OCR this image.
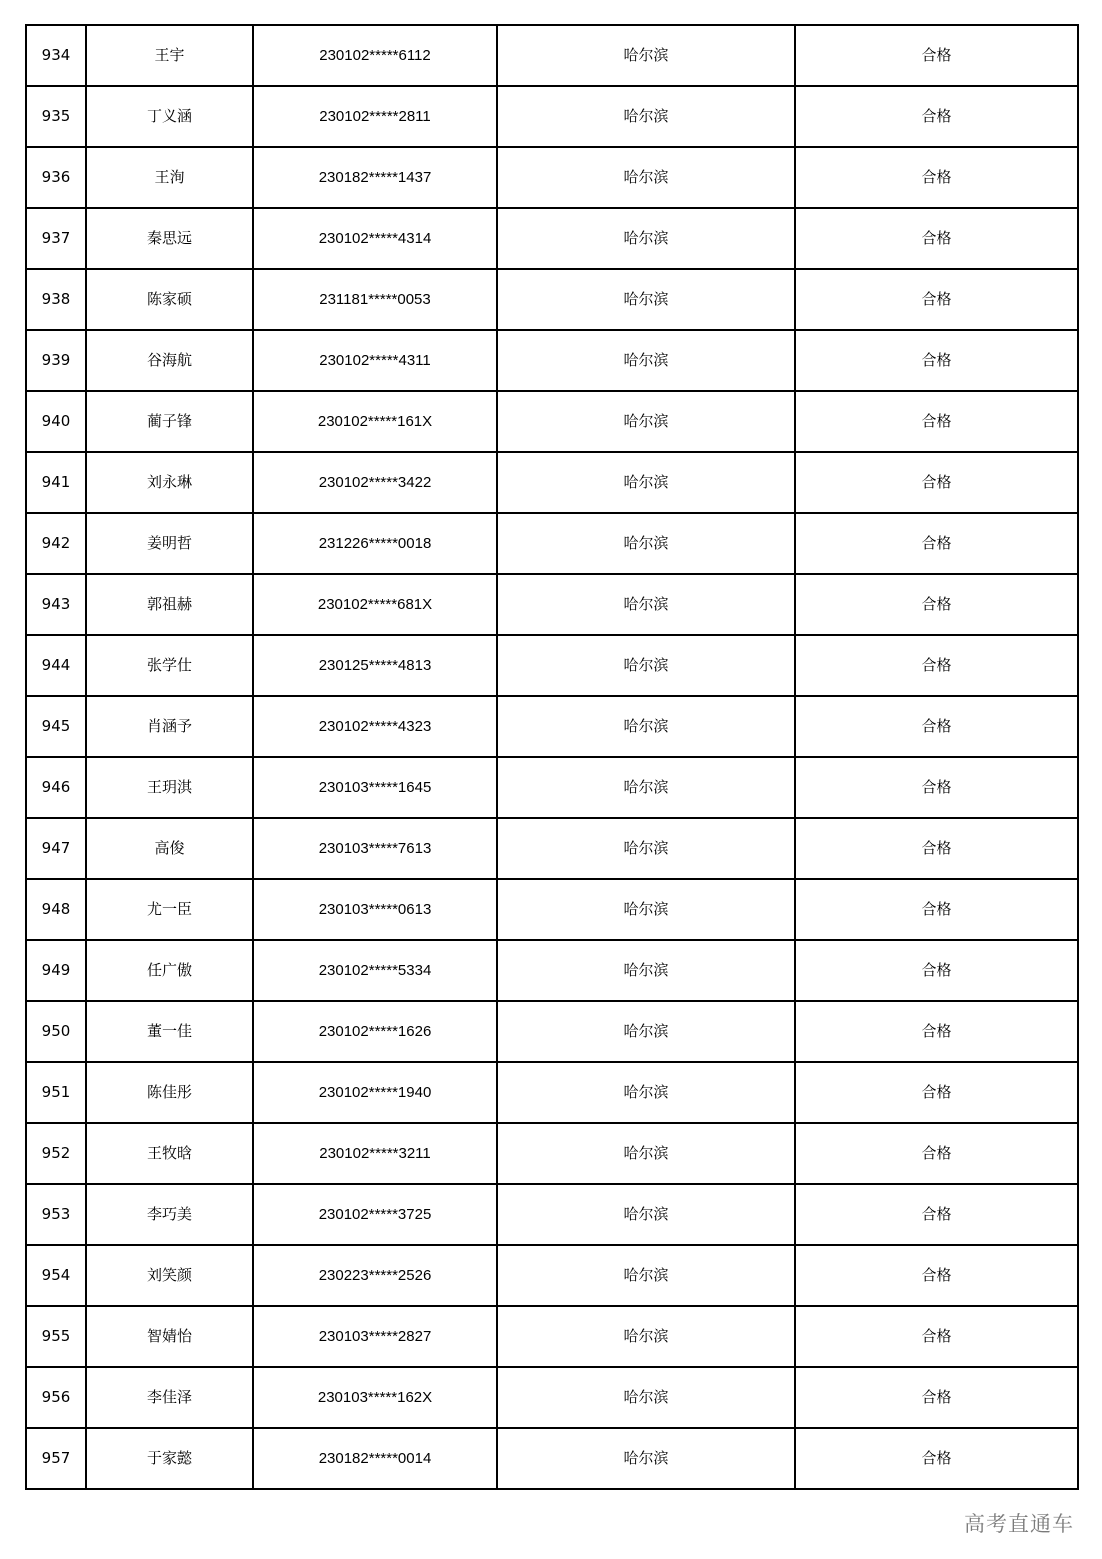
934	王宇	230102*****6112	哈尔滨	合格
935	丁义涵	230102*****2811	哈尔滨	合格
936	王洵	230182*****1437	哈尔滨	合格
937	秦思远	230102*****4314	哈尔滨	合格
938	陈家硕	231181*****0053	哈尔滨	合格
939	谷海航	230102*****4311	哈尔滨	合格
940	蔺子锋	230102*****161X	哈尔滨	合格
941	刘永琳	230102*****3422	哈尔滨	合格
942	姜明哲	231226*****0018	哈尔滨	合格
943	郭祖赫	230102*****681X	哈尔滨	合格
944	张学仕	230125*****4813	哈尔滨	合格
945	肖涵予	230102*****4323	哈尔滨	合格
946	王玥淇	230103*****1645	哈尔滨	合格
947	高俊	230103*****7613	哈尔滨	合格
948	尤一臣	230103*****0613	哈尔滨	合格
949	任广傲	230102*****5334	哈尔滨	合格
950	董一佳	230102*****1626	哈尔滨	合格
951	陈佳彤	230102*****1940	哈尔滨	合格
952	王牧晗	230102*****3211	哈尔滨	合格
953	李巧美	230102*****3725	哈尔滨	合格
954	刘笑颜	230223*****2526	哈尔滨	合格
955	智婧怡	230103*****2827	哈尔滨	合格
956	李佳泽	230103*****162X	哈尔滨	合格
957	于家懿	230182*****0014	哈尔滨	合格
高考直通车
